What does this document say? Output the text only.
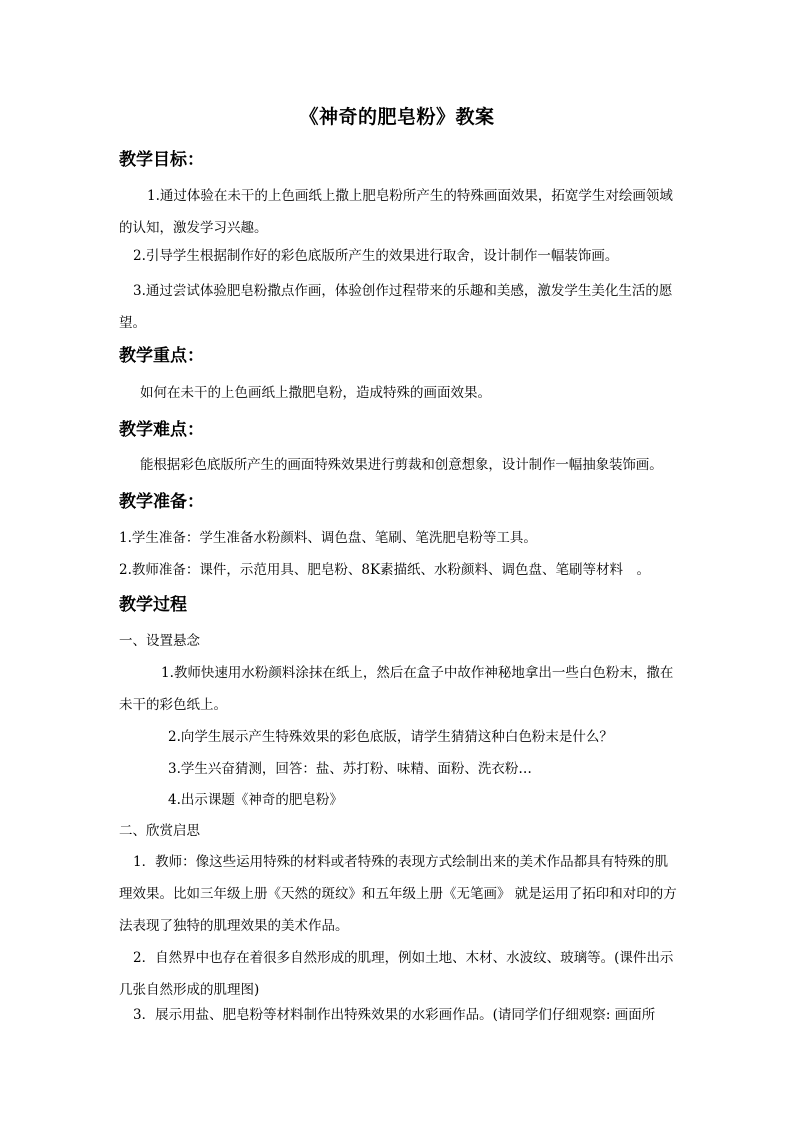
《神奇的肥皂粉》教案
教学目标：
1.通过体验在未干的上色画纸上撒上肥皂粉所产生的特殊画面效果，拓宽学生对绘画领域的认知，激发学习兴趣。
2.引导学生根据制作好的彩色底版所产生的效果进行取舍，设计制作一幅装饰画。
3.通过尝试体验肥皂粉撒点作画，体验创作过程带来的乐趣和美感，激发学生美化生活的愿望。
教学重点：
如何在未干的上色画纸上撒肥皂粉，造成特殊的画面效果。
教学难点：
能根据彩色底版所产生的画面特殊效果进行剪裁和创意想象，设计制作一幅抽象装饰画。
教学准备：
1.学生准备：学生准备水粉颜料、调色盘、笔刷、笔洗肥皂粉等工具。
2.教师准备：课件，示范用具、肥皂粉、8K素描纸、水粉颜料、调色盘、笔刷等材料　。
教学过程
一、设置悬念
1.教师快速用水粉颜料涂抹在纸上，然后在盒子中故作神秘地拿出一些白色粉末，撒在未干的彩色纸上。
2.向学生展示产生特殊效果的彩色底版，请学生猜猜这种白色粉末是什么？
3.学生兴奋猜测，回答：盐、苏打粉、味精、面粉、洗衣粉…
4.出示课题《神奇的肥皂粉》
二、欣赏启思
1．教师：像这些运用特殊的材料或者特殊的表现方式绘制出来的美术作品都具有特殊的肌理效果。比如三年级上册《天然的斑纹》和五年级上册《无笔画》 就是运用了拓印和对印的方法表现了独特的肌理效果的美术作品。
2．自然界中也存在着很多自然形成的肌理，例如土地、木材、水波纹、玻璃等。(课件出示几张自然形成的肌理图)
3．展示用盐、肥皂粉等材料制作出特殊效果的水彩画作品。(请同学们仔细观察: 画面所
